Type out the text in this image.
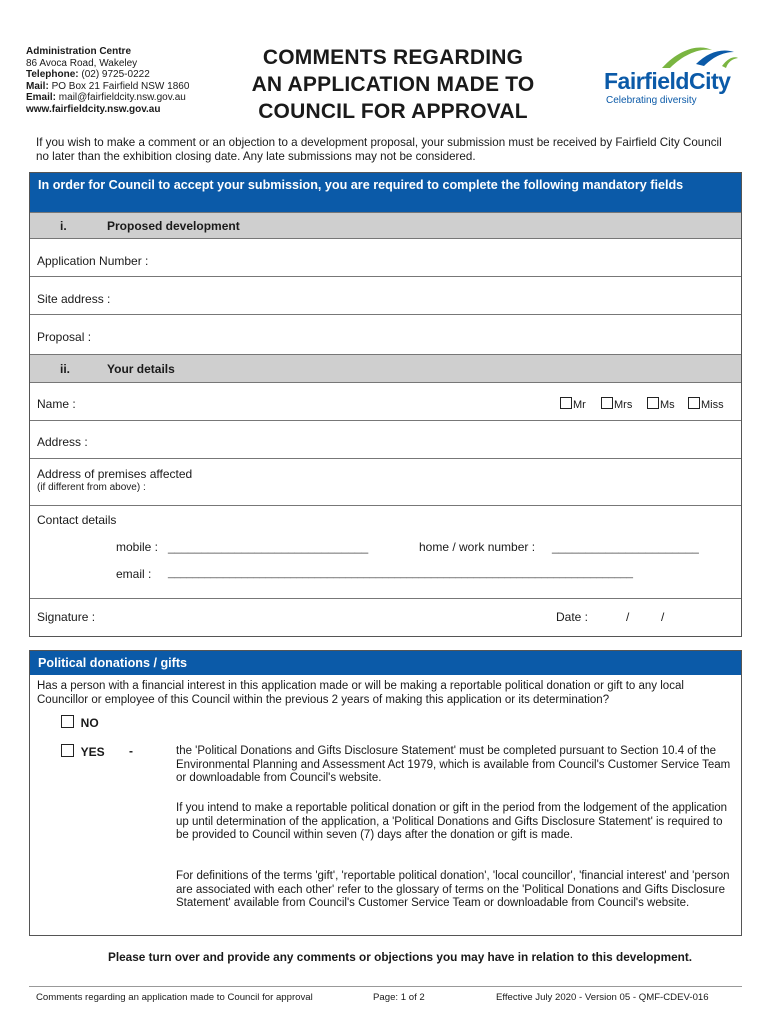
Administration Centre
86 Avoca Road, Wakeley
Telephone: (02) 9725-0222
Mail: PO Box 21 Fairfield NSW 1860
Email: mail@fairfieldcity.nsw.gov.au
www.fairfieldcity.nsw.gov.au
COMMENTS REGARDING
AN APPLICATION MADE TO
COUNCIL FOR APPROVAL
FairfieldCity
Celebrating diversity
If you wish to make a comment or an objection to a development proposal, your submission must be received by Fairfield City Council no later than the exhibition closing date. Any late submissions may not be considered.
In order for Council to accept your submission, you are required to complete the following mandatory fields
i.	Proposed development
Application Number :
Site address :
Proposal :
ii.	Your details
Name :	Mr	Mrs	Ms	Miss
Address :
Address of premises affected
(if different from above) :
Contact details
mobile : ______________________________	home / work number : ______________________
email : ____________________________________________________________________________
Signature :	Date :	/	/
Political donations / gifts
Has a person with a financial interest in this application made or will be making a reportable political donation or gift to any local Councillor or employee of this Council within the previous 2 years of making this application or its determination?
NO
YES -	the 'Political Donations and Gifts Disclosure Statement' must be completed pursuant to Section 10.4 of the Environmental Planning and Assessment Act 1979, which is available from Council's Customer Service Team or downloadable from Council's website.
If you intend to make a reportable political donation or gift in the period from the lodgement of the application up until determination of the application, a 'Political Donations and Gifts Disclosure Statement' is required to be provided to Council within seven (7) days after the donation or gift is made.
For definitions of the terms 'gift', 'reportable political donation', 'local councillor', 'financial interest' and 'person are associated with each other' refer to the glossary of terms on the 'Political Donations and Gifts Disclosure Statement' available from Council's Customer Service Team or downloadable from Council's website.
Please turn over and provide any comments or objections you may have in relation to this development.
Comments regarding an application made to Council for approval	Page: 1 of 2	Effective July 2020 - Version 05 - QMF-CDEV-016
